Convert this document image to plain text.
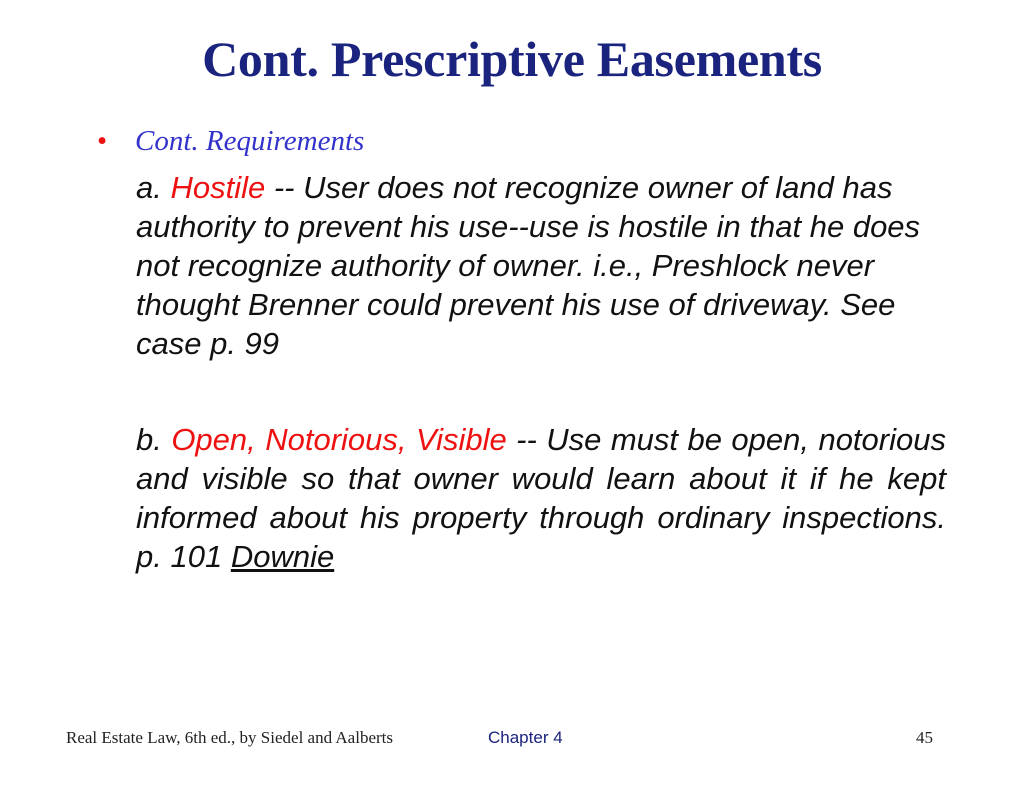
Cont. Prescriptive Easements
• Cont. Requirements

a. Hostile -- User does not recognize owner of land has authority to prevent his use--use is hostile in that he does not recognize authority of owner. i.e., Preshlock never thought Brenner could prevent his use of driveway. See case p. 99

b. Open, Notorious, Visible -- Use must be open, notorious and visible so that owner would learn about it if he kept informed about his property through ordinary inspections. p. 101 Downie

Real Estate Law, 6th ed., by Siedel and Aalberts	Chapter 4	45
